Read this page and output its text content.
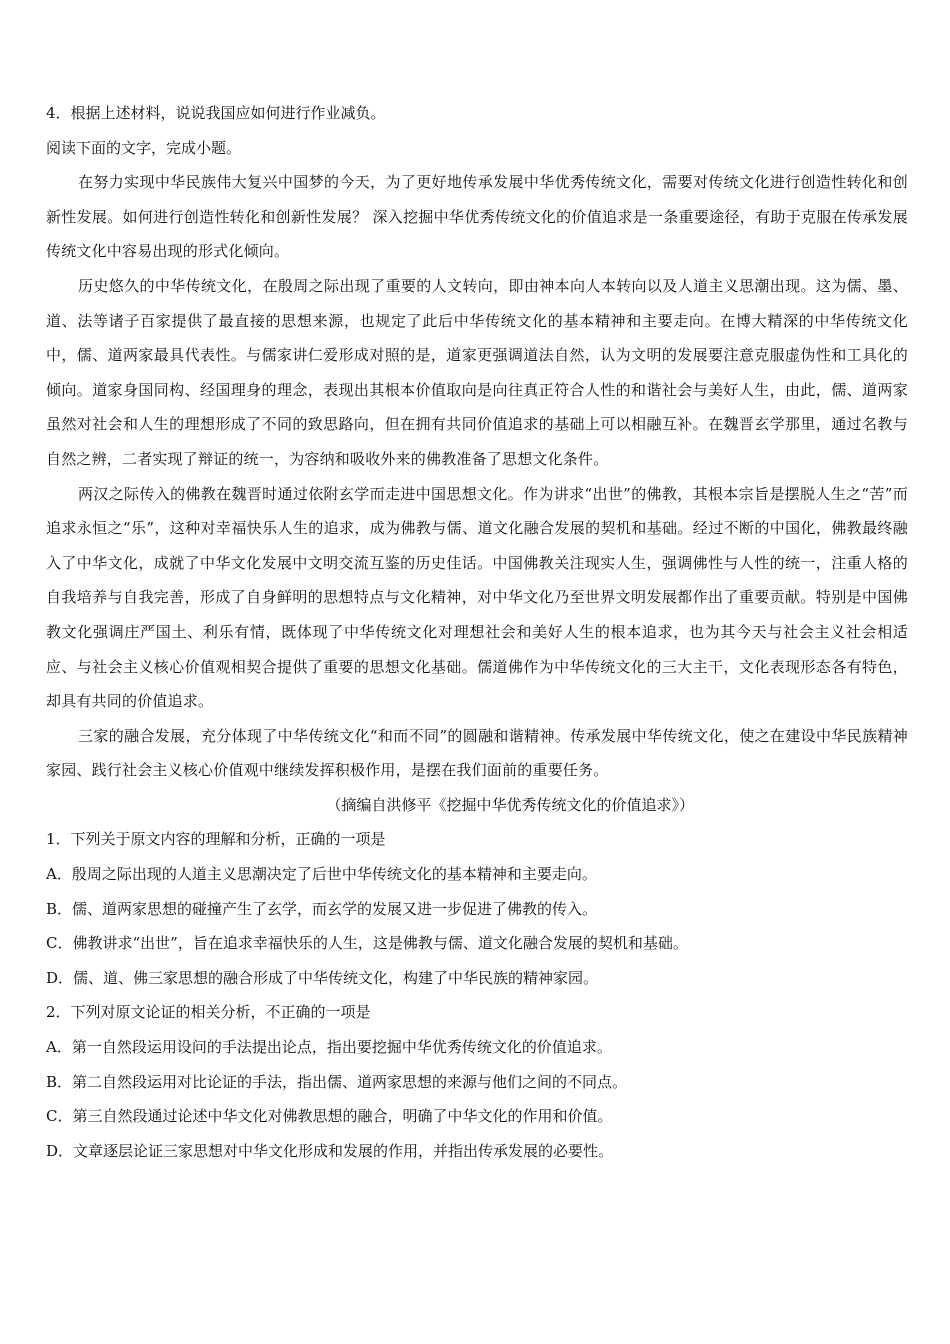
4．根据上述材料，说说我国应如何进行作业减负。

阅读下面的文字，完成小题。

在努力实现中华民族伟大复兴中国梦的今天，为了更好地传承发展中华优秀传统文化，需要对传统文化进行创造性转化和创新性发展。如何进行创造性转化和创新性发展？ 深入挖掘中华优秀传统文化的价值追求是一条重要途径，有助于克服在传承发展传统文化中容易出现的形式化倾向。

历史悠久的中华传统文化，在殷周之际出现了重要的人文转向，即由神本向人本转向以及人道主义思潮出现。这为儒、墨、道、法等诸子百家提供了最直接的思想来源，也规定了此后中华传统文化的基本精神和主要走向。在博大精深的中华传统文化中，儒、道两家最具代表性。与儒家讲仁爱形成对照的是，道家更强调道法自然，认为文明的发展要注意克服虚伪性和工具化的倾向。道家身国同构、经国理身的理念，表现出其根本价值取向是向往真正符合人性的和谐社会与美好人生，由此，儒、道两家虽然对社会和人生的理想形成了不同的致思路向，但在拥有共同价值追求的基础上可以相融互补。在魏晋玄学那里，通过名教与自然之辨，二者实现了辩证的统一，为容纳和吸收外来的佛教准备了思想文化条件。

两汉之际传入的佛教在魏晋时通过依附玄学而走进中国思想文化。作为讲求“出世”的佛教，其根本宗旨是摆脱人生之“苦”而追求永恒之“乐”，这种对幸福快乐人生的追求，成为佛教与儒、道文化融合发展的契机和基础。经过不断的中国化，佛教最终融入了中华文化，成就了中华文化发展中文明交流互鉴的历史佳话。中国佛教关注现实人生，强调佛性与人性的统一，注重人格的自我培养与自我完善，形成了自身鲜明的思想特点与文化精神，对中华文化乃至世界文明发展都作出了重要贡献。特别是中国佛教文化强调庄严国土、利乐有情，既体现了中华传统文化对理想社会和美好人生的根本追求，也为其今天与社会主义社会相适应、与社会主义核心价值观相契合提供了重要的思想文化基础。儒道佛作为中华传统文化的三大主干，文化表现形态各有特色，却具有共同的价值追求。

三家的融合发展，充分体现了中华传统文化“和而不同”的圆融和谐精神。传承发展中华传统文化，使之在建设中华民族精神家园、践行社会主义核心价值观中继续发挥积极作用，是摆在我们面前的重要任务。

（摘编自洪修平《挖掘中华优秀传统文化的价值追求》）

1．下列关于原文内容的理解和分析，正确的一项是

A．殷周之际出现的人道主义思潮决定了后世中华传统文化的基本精神和主要走向。

B．儒、道两家思想的碰撞产生了玄学，而玄学的发展又进一步促进了佛教的传入。

C．佛教讲求“出世”，旨在追求幸福快乐的人生，这是佛教与儒、道文化融合发展的契机和基础。

D．儒、道、佛三家思想的融合形成了中华传统文化，构建了中华民族的精神家园。

2．下列对原文论证的相关分析，不正确的一项是

A．第一自然段运用设问的手法提出论点，指出要挖掘中华优秀传统文化的价值追求。

B．第二自然段运用对比论证的手法，指出儒、道两家思想的来源与他们之间的不同点。

C．第三自然段通过论述中华文化对佛教思想的融合，明确了中华文化的作用和价值。

D．文章逐层论证三家思想对中华文化形成和发展的作用，并指出传承发展的必要性。
